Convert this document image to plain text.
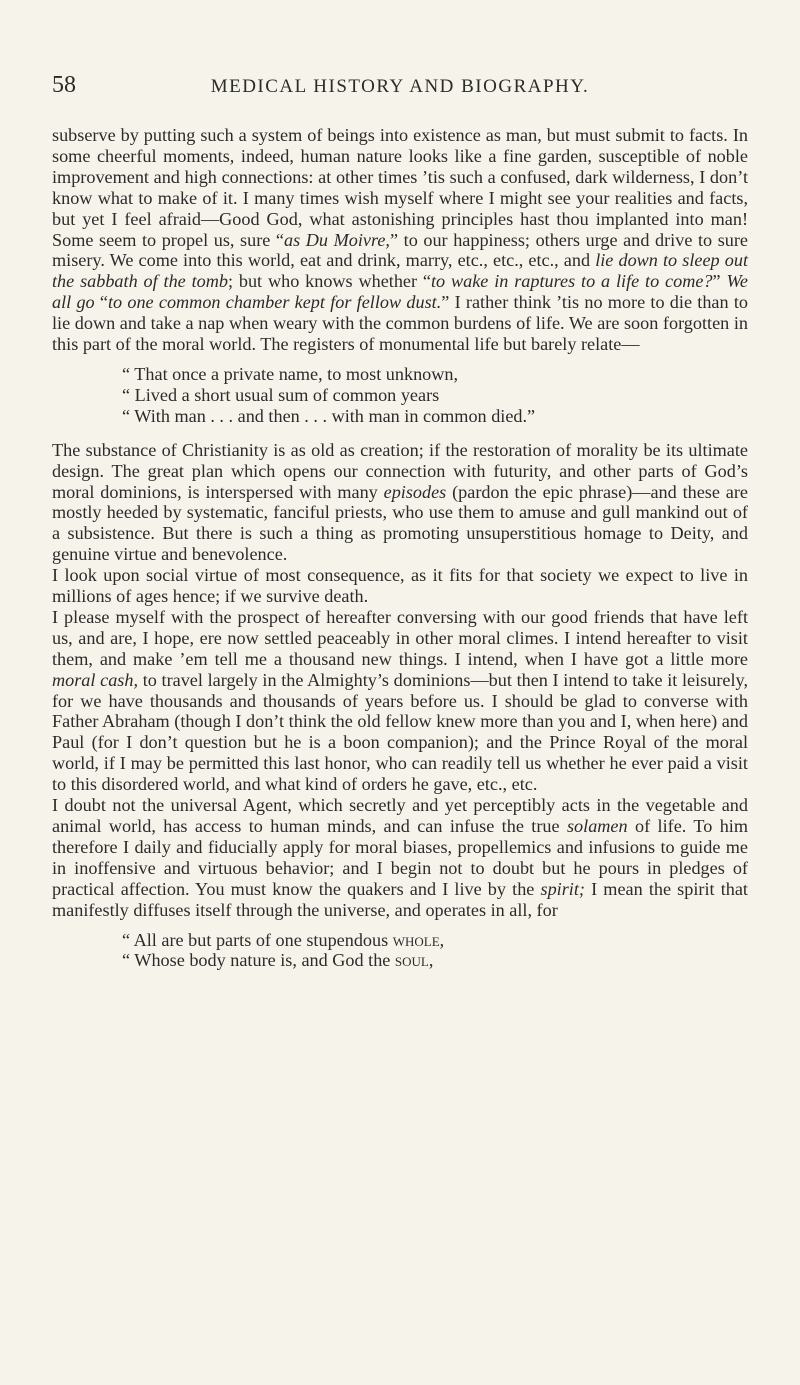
58	MEDICAL HISTORY AND BIOGRAPHY.

subserve by putting such a system of beings into existence as man, but must submit to facts. In some cheerful moments, indeed, human nature looks like a fine garden, susceptible of noble improvement and high connections: at other times ’tis such a confused, dark wilderness, I don’t know what to make of it. I many times wish myself where I might see your realities and facts, but yet I feel afraid—Good God, what astonishing principles hast thou implanted into man! Some seem to propel us, sure “as Du Moivre,” to our happiness; others urge and drive to sure misery. We come into this world, eat and drink, marry, etc., etc., etc., and lie down to sleep out the sabbath of the tomb; but who knows whether “to wake in raptures to a life to come?” We all go “to one common chamber kept for fellow dust.” I rather think ’tis no more to die than to lie down and take a nap when weary with the common burdens of life. We are soon forgotten in this part of the moral world. The registers of monumental life but barely relate—

“ That once a private name, to most unknown,
“ Lived a short usual sum of common years
“ With man . . . and then . . . with man in common died.”

The substance of Christianity is as old as creation; if the restoration of morality be its ultimate design. The great plan which opens our connection with futurity, and other parts of God’s moral dominions, is interspersed with many episodes (pardon the epic phrase)—and these are mostly heeded by systematic, fanciful priests, who use them to amuse and gull mankind out of a subsistence. But there is such a thing as promoting unsuperstitious homage to Deity, and genuine virtue and benevolence.

I look upon social virtue of most consequence, as it fits for that society we expect to live in millions of ages hence; if we survive death.

I please myself with the prospect of hereafter conversing with our good friends that have left us, and are, I hope, ere now settled peaceably in other moral climes. I intend hereafter to visit them, and make ’em tell me a thousand new things. I intend, when I have got a little more moral cash, to travel largely in the Almighty’s dominions—but then I intend to take it leisurely, for we have thousands and thousands of years before us. I should be glad to converse with Father Abraham (though I don’t think the old fellow knew more than you and I, when here) and Paul (for I don’t question but he is a boon companion); and the Prince Royal of the moral world, if I may be permitted this last honor, who can readily tell us whether he ever paid a visit to this disordered world, and what kind of orders he gave, etc., etc.

I doubt not the universal Agent, which secretly and yet perceptibly acts in the vegetable and animal world, has access to human minds, and can infuse the true solamen of life. To him therefore I daily and fiducially apply for moral biases, propellemics and infusions to guide me in inoffensive and virtuous behavior; and I begin not to doubt but he pours in pledges of practical affection. You must know the quakers and I live by the spirit; I mean the spirit that manifestly diffuses itself through the universe, and operates in all, for

“ All are but parts of one stupendous whole,
“ Whose body nature is, and God the soul,
